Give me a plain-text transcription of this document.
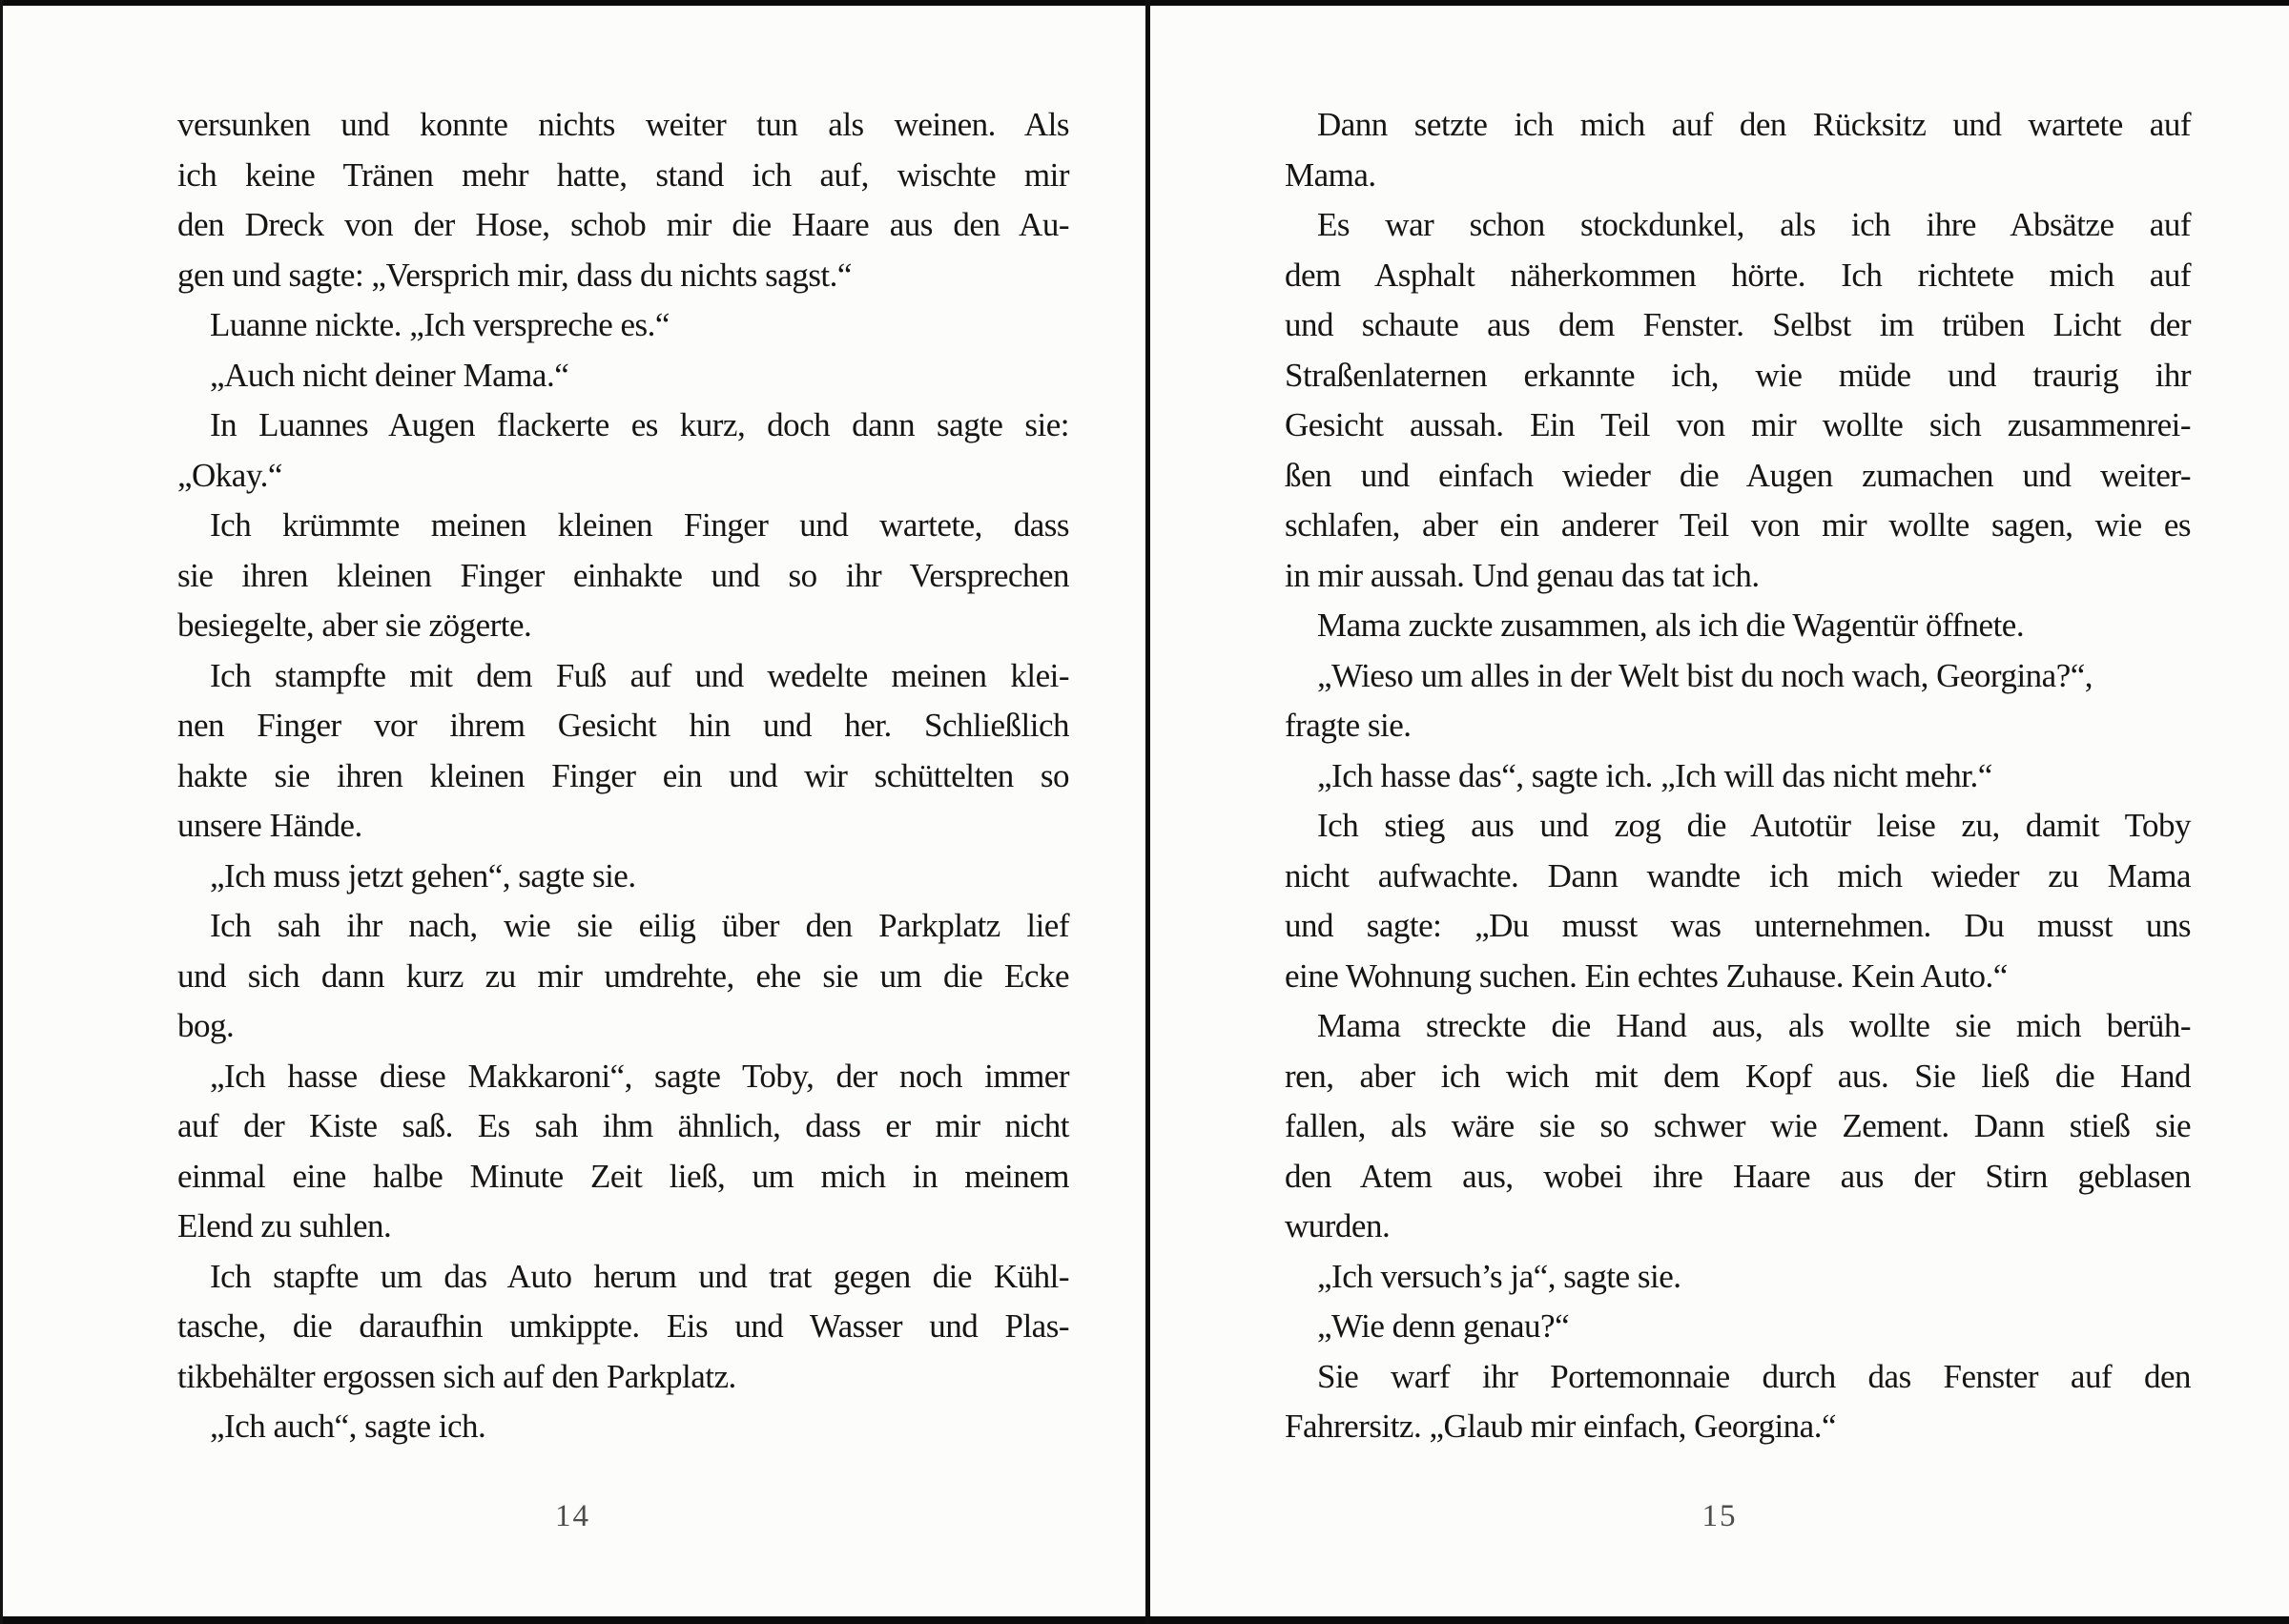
versunken und konnte nichts weiter tun als weinen. Als
ich keine Tränen mehr hatte, stand ich auf, wischte mir
den Dreck von der Hose, schob mir die Haare aus den Au-
gen und sagte: „Versprich mir, dass du nichts sagst.“
Luanne nickte. „Ich verspreche es.“
„Auch nicht deiner Mama.“
In Luannes Augen flackerte es kurz, doch dann sagte sie:
„Okay.“
Ich krümmte meinen kleinen Finger und wartete, dass
sie ihren kleinen Finger einhakte und so ihr Versprechen
besiegelte, aber sie zögerte.
Ich stampfte mit dem Fuß auf und wedelte meinen klei-
nen Finger vor ihrem Gesicht hin und her. Schließlich
hakte sie ihren kleinen Finger ein und wir schüttelten so
unsere Hände.
„Ich muss jetzt gehen“, sagte sie.
Ich sah ihr nach, wie sie eilig über den Parkplatz lief
und sich dann kurz zu mir umdrehte, ehe sie um die Ecke
bog.
„Ich hasse diese Makkaroni“, sagte Toby, der noch immer
auf der Kiste saß. Es sah ihm ähnlich, dass er mir nicht
einmal eine halbe Minute Zeit ließ, um mich in meinem
Elend zu suhlen.
Ich stapfte um das Auto herum und trat gegen die Kühl-
tasche, die daraufhin umkippte. Eis und Wasser und Plas-
tikbehälter ergossen sich auf den Parkplatz.
„Ich auch“, sagte ich.
14
Dann setzte ich mich auf den Rücksitz und wartete auf
Mama.
Es war schon stockdunkel, als ich ihre Absätze auf
dem Asphalt näherkommen hörte. Ich richtete mich auf
und schaute aus dem Fenster. Selbst im trüben Licht der
Straßenlaternen erkannte ich, wie müde und traurig ihr
Gesicht aussah. Ein Teil von mir wollte sich zusammenrei-
ßen und einfach wieder die Augen zumachen und weiter-
schlafen, aber ein anderer Teil von mir wollte sagen, wie es
in mir aussah. Und genau das tat ich.
Mama zuckte zusammen, als ich die Wagentür öffnete.
„Wieso um alles in der Welt bist du noch wach, Georgina?“,
fragte sie.
„Ich hasse das“, sagte ich. „Ich will das nicht mehr.“
Ich stieg aus und zog die Autotür leise zu, damit Toby
nicht aufwachte. Dann wandte ich mich wieder zu Mama
und sagte: „Du musst was unternehmen. Du musst uns
eine Wohnung suchen. Ein echtes Zuhause. Kein Auto.“
Mama streckte die Hand aus, als wollte sie mich berüh-
ren, aber ich wich mit dem Kopf aus. Sie ließ die Hand
fallen, als wäre sie so schwer wie Zement. Dann stieß sie
den Atem aus, wobei ihre Haare aus der Stirn geblasen
wurden.
„Ich versuch’s ja“, sagte sie.
„Wie denn genau?“
Sie warf ihr Portemonnaie durch das Fenster auf den
Fahrersitz. „Glaub mir einfach, Georgina.“
15
